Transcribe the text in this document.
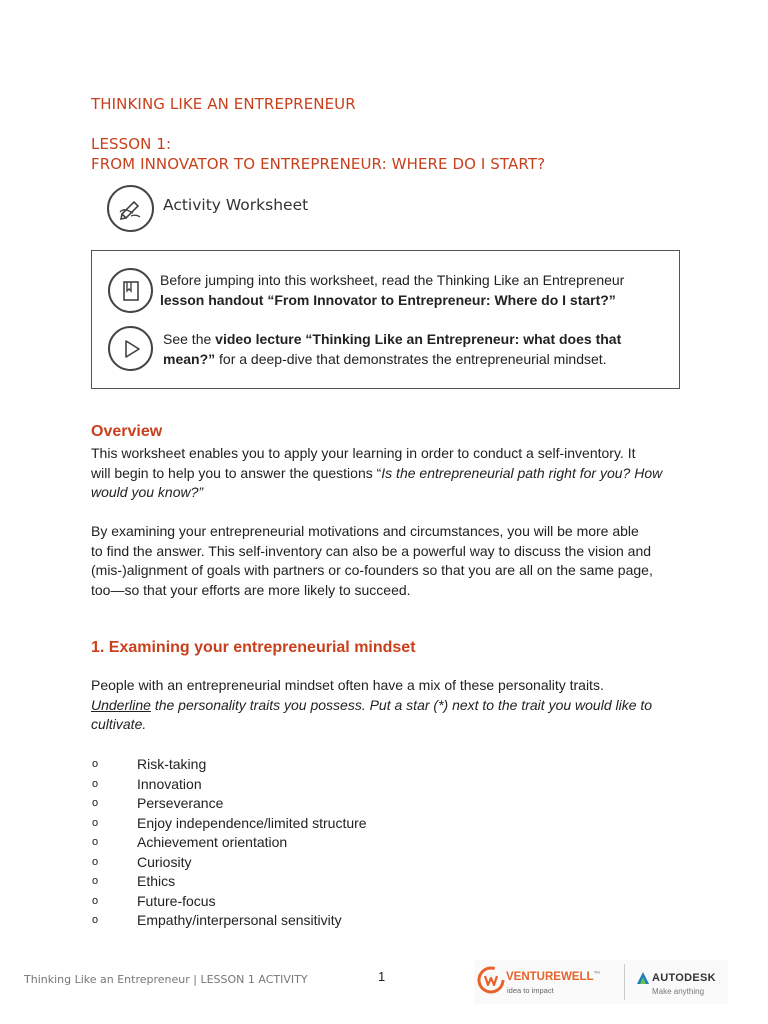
THINKING LIKE AN ENTREPRENEUR
LESSON 1:
FROM INNOVATOR TO ENTREPRENEUR: WHERE DO I START?
Activity Worksheet
Before jumping into this worksheet, read the Thinking Like an Entrepreneur
lesson handout “From Innovator to Entrepreneur: Where do I start?”
See the video lecture “Thinking Like an Entrepreneur: what does that
mean?” for a deep-dive that demonstrates the entrepreneurial mindset.
Overview
This worksheet enables you to apply your learning in order to conduct a self-inventory. It
will begin to help you to answer the questions “Is the entrepreneurial path right for you? How
would you know?”
By examining your entrepreneurial motivations and circumstances, you will be more able
to find the answer. This self-inventory can also be a powerful way to discuss the vision and
(mis-)alignment of goals with partners or co-founders so that you are all on the same page,
too—so that your efforts are more likely to succeed.
1. Examining your entrepreneurial mindset
People with an entrepreneurial mindset often have a mix of these personality traits.
Underline the personality traits you possess. Put a star (*) next to the trait you would like to
cultivate.
o	Risk-taking
o	Innovation
o	Perseverance
o	Enjoy independence/limited structure
o	Achievement orientation
o	Curiosity
o	Ethics
o	Future-focus
o	Empathy/interpersonal sensitivity
Thinking Like an Entrepreneur | LESSON 1 ACTIVITY	1	VENTUREWELL™
idea to impact
AUTODESK
Make anything
